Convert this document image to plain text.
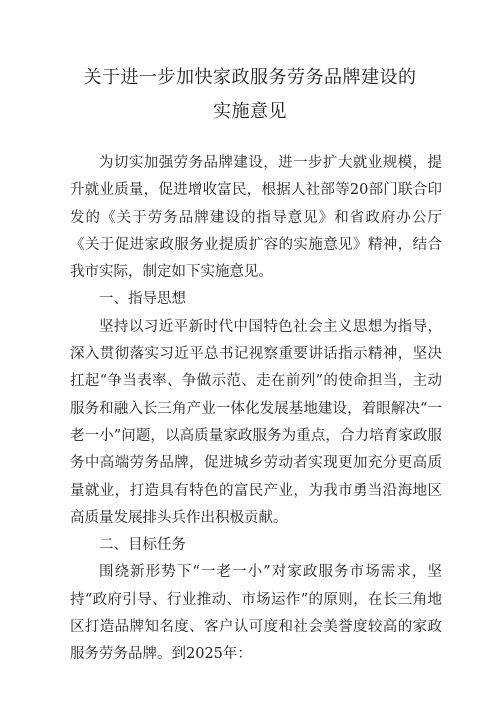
关于进一步加快家政服务劳务品牌建设的
实施意见

为切实加强劳务品牌建设，进一步扩大就业规模，提升就业质量，促进增收富民，根据人社部等20部门联合印发的《关于劳务品牌建设的指导意见》和省政府办公厅《关于促进家政服务业提质扩容的实施意见》精神，结合我市实际，制定如下实施意见。

一、指导思想

坚持以习近平新时代中国特色社会主义思想为指导，深入贯彻落实习近平总书记视察重要讲话指示精神，坚决扛起“争当表率、争做示范、走在前列”的使命担当，主动服务和融入长三角产业一体化发展基地建设，着眼解决“一老一小”问题，以高质量家政服务为重点，合力培育家政服务中高端劳务品牌，促进城乡劳动者实现更加充分更高质量就业，打造具有特色的富民产业，为我市勇当沿海地区高质量发展排头兵作出积极贡献。

二、目标任务

围绕新形势下“一老一小”对家政服务市场需求，坚持“政府引导、行业推动、市场运作”的原则，在长三角地区打造品牌知名度、客户认可度和社会美誉度较高的家政服务劳务品牌。到2025年：
